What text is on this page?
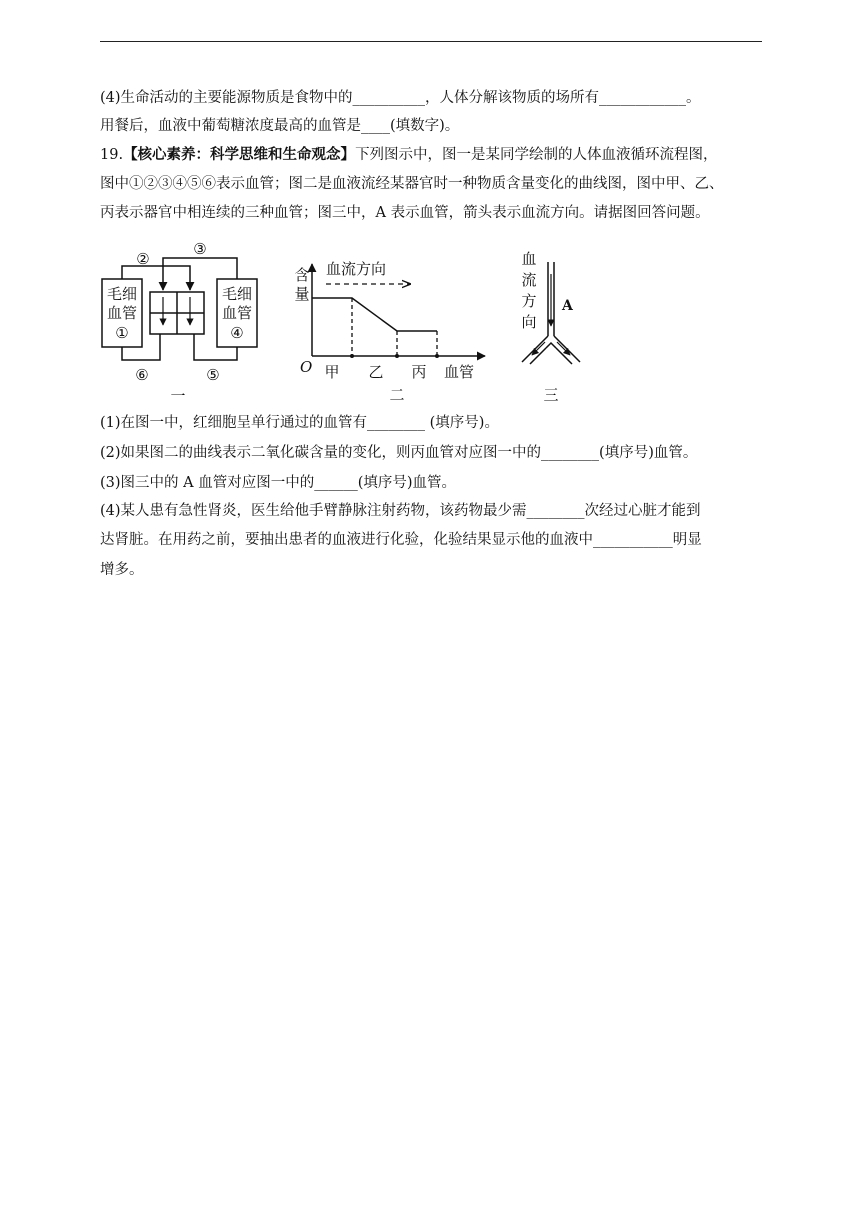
(4)生命活动的主要能源物质是食物中的__________，人体分解该物质的场所有____________。
用餐后，血液中葡萄糖浓度最高的血管是____(填数字)。
19.【核心素养：科学思维和生命观念】下列图示中，图一是某同学绘制的人体血液循环流程图，
图中①②③④⑤⑥表示血管；图二是血液流经某器官时一种物质含量变化的曲线图，图中甲、乙、
丙表示器官中相连续的三种血管；图三中，A 表示血管，箭头表示血流方向。请据图回答问题。
毛细
血管
①
毛细
血管
④
②
③
⑥	⑤
一
含
量
血流方向
O 甲 乙 丙 血管
二
血
流
方
向
A
三
(1)在图一中，红细胞呈单行通过的血管有________ (填序号)。
(2)如果图二的曲线表示二氧化碳含量的变化，则丙血管对应图一中的________(填序号)血管。
(3)图三中的 A 血管对应图一中的______(填序号)血管。
(4)某人患有急性肾炎，医生给他手臂静脉注射药物，该药物最少需________次经过心脏才能到
达肾脏。在用药之前，要抽出患者的血液进行化验，化验结果显示他的血液中___________明显
增多。
